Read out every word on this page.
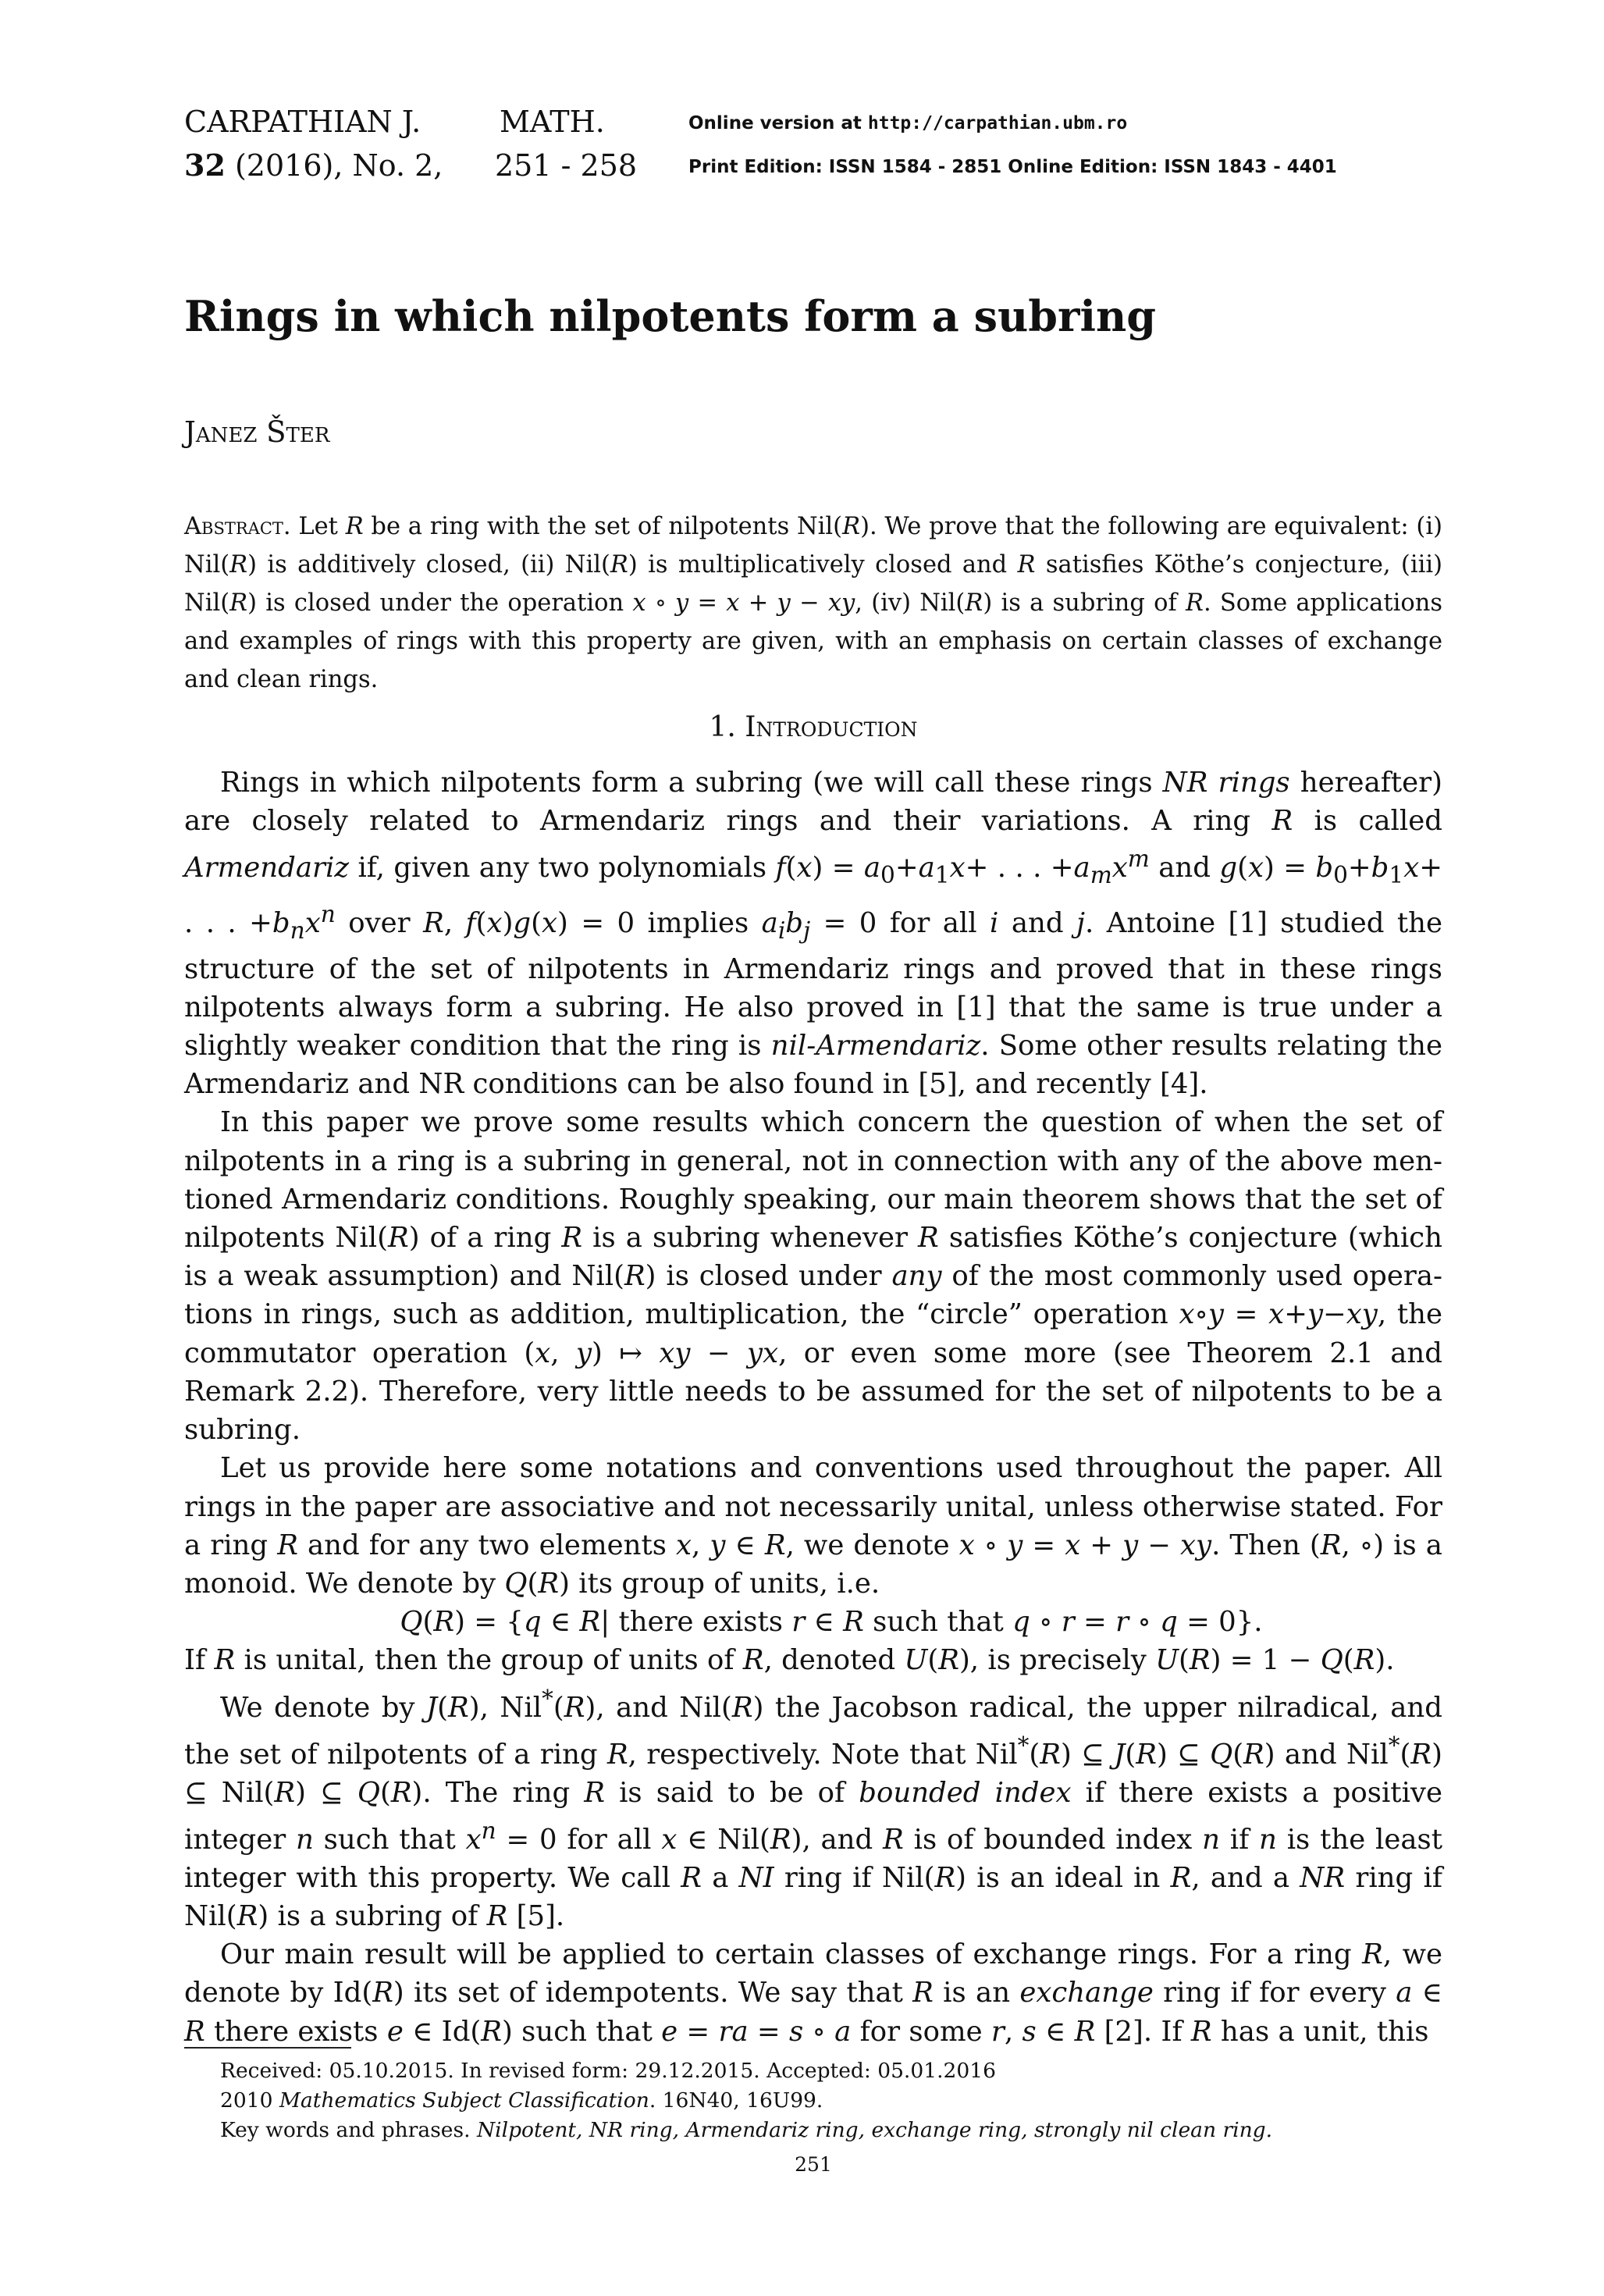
CARPATHIAN J.	MATH.
32 (2016), No. 2, 251 - 258
Online version at http://carpathian.ubm.ro
Print Edition: ISSN 1584 - 2851 Online Edition: ISSN 1843 - 4401
Rings in which nilpotents form a subring
Janez Šter
Abstract. Let R be a ring with the set of nilpotents Nil(R). We prove that the following are equivalent: (i) Nil(R) is additively closed, (ii) Nil(R) is multiplicatively closed and R satisfies Köthe’s conjecture, (iii) Nil(R) is closed under the operation x ∘ y = x + y − xy, (iv) Nil(R) is a subring of R. Some applications and examples of rings with this property are given, with an emphasis on certain classes of exchange and clean rings.
1. Introduction

Rings in which nilpotents form a subring (we will call these rings NR rings hereafter) are closely related to Armendariz rings and their variations. A ring R is called Armendariz if, given any two polynomials $f(x) = a_0+a_1x+$ . . . $+a_mx^m$ and $g(x) = b_0+b_1x+$ . . . $+b_nx^n$ over R, f(x)g(x) = 0 implies $a_ib_j = 0$ for all i and j. Antoine [1] studied the structure of the set of nilpotents in Armendariz rings and proved that in these rings nilpotents always form a subring. He also proved in [1] that the same is true under a slightly weaker condition that the ring is nil-Armendariz. Some other results relating the Armendariz and NR conditions can be also found in [5], and recently [4].

In this paper we prove some results which concern the question of when the set of nilpotents in a ring is a subring in general, not in connection with any of the above men- tioned Armendariz conditions. Roughly speaking, our main theorem shows that the set of nilpotents Nil(R) of a ring R is a subring whenever R satisfies Köthe’s conjecture (which is a weak assumption) and Nil(R) is closed under any of the most commonly used opera- tions in rings, such as addition, multiplication, the “circle” operation x∘y = x+y−xy, the commutator operation (x, y) ↦ xy − yx, or even some more (see Theorem 2.1 and Remark 2.2). Therefore, very little needs to be assumed for the set of nilpotents to be a subring.

Let us provide here some notations and conventions used throughout the paper. All rings in the paper are associative and not necessarily unital, unless otherwise stated. For a ring R and for any two elements x, y ∈ R, we denote x ∘ y = x + y − xy. Then (R, ∘) is a monoid. We denote by Q(R) its group of units, i.e.

Q(R) = {q ∈ R| there exists r ∈ R such that q ∘ r = r ∘ q = 0}.

If R is unital, then the group of units of R, denoted U(R), is precisely U(R) = 1 − Q(R).

We denote by J(R), Nil*(R), and Nil(R) the Jacobson radical, the upper nilradical, and the set of nilpotents of a ring R, respectively. Note that Nil*(R) ⊆ J(R) ⊆ Q(R) and Nil*(R) ⊆ Nil(R) ⊆ Q(R). The ring R is said to be of bounded index if there exists a positive integer n such that $x^n = 0$ for all x ∈ Nil(R), and R is of bounded index n if n is the least integer with this property. We call R a NI ring if Nil(R) is an ideal in R, and a NR ring if Nil(R) is a subring of R [5].

Our main result will be applied to certain classes of exchange rings. For a ring R, we denote by Id(R) its set of idempotents. We say that R is an exchange ring if for every a ∈ R there exists e ∈ Id(R) such that e = ra = s ∘ a for some r, s ∈ R [2]. If R has a unit, this

Received: 05.10.2015. In revised form: 29.12.2015. Accepted: 05.01.2016
2010 Mathematics Subject Classification. 16N40, 16U99.
Key words and phrases. Nilpotent, NR ring, Armendariz ring, exchange ring, strongly nil clean ring.
251
